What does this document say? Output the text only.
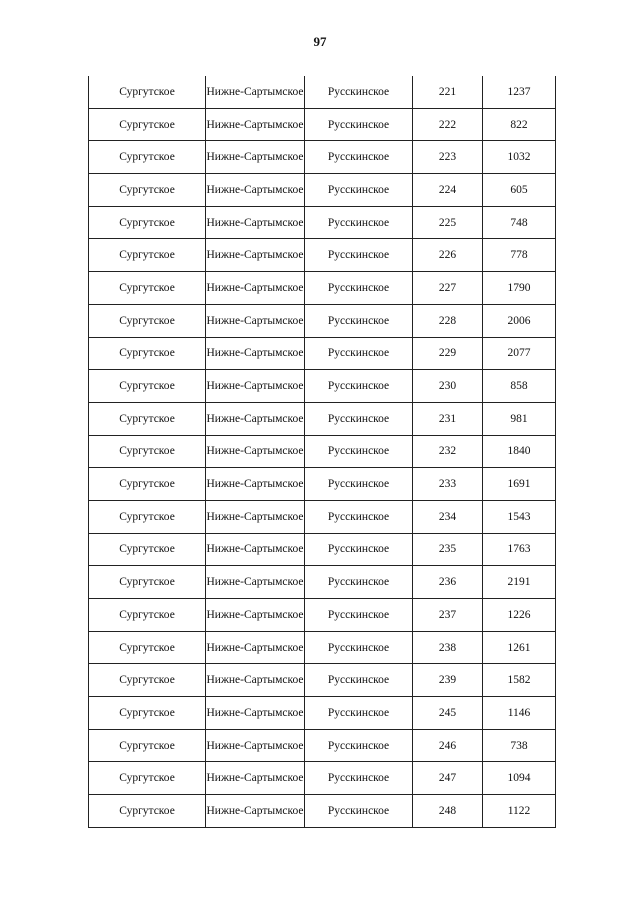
97
Сургутское	Нижне-Сартымское	Русскинское	221	1237
Сургутское	Нижне-Сартымское	Русскинское	222	822
Сургутское	Нижне-Сартымское	Русскинское	223	1032
Сургутское	Нижне-Сартымское	Русскинское	224	605
Сургутское	Нижне-Сартымское	Русскинское	225	748
Сургутское	Нижне-Сартымское	Русскинское	226	778
Сургутское	Нижне-Сартымское	Русскинское	227	1790
Сургутское	Нижне-Сартымское	Русскинское	228	2006
Сургутское	Нижне-Сартымское	Русскинское	229	2077
Сургутское	Нижне-Сартымское	Русскинское	230	858
Сургутское	Нижне-Сартымское	Русскинское	231	981
Сургутское	Нижне-Сартымское	Русскинское	232	1840
Сургутское	Нижне-Сартымское	Русскинское	233	1691
Сургутское	Нижне-Сартымское	Русскинское	234	1543
Сургутское	Нижне-Сартымское	Русскинское	235	1763
Сургутское	Нижне-Сартымское	Русскинское	236	2191
Сургутское	Нижне-Сартымское	Русскинское	237	1226
Сургутское	Нижне-Сартымское	Русскинское	238	1261
Сургутское	Нижне-Сартымское	Русскинское	239	1582
Сургутское	Нижне-Сартымское	Русскинское	245	1146
Сургутское	Нижне-Сартымское	Русскинское	246	738
Сургутское	Нижне-Сартымское	Русскинское	247	1094
Сургутское	Нижне-Сартымское	Русскинское	248	1122
